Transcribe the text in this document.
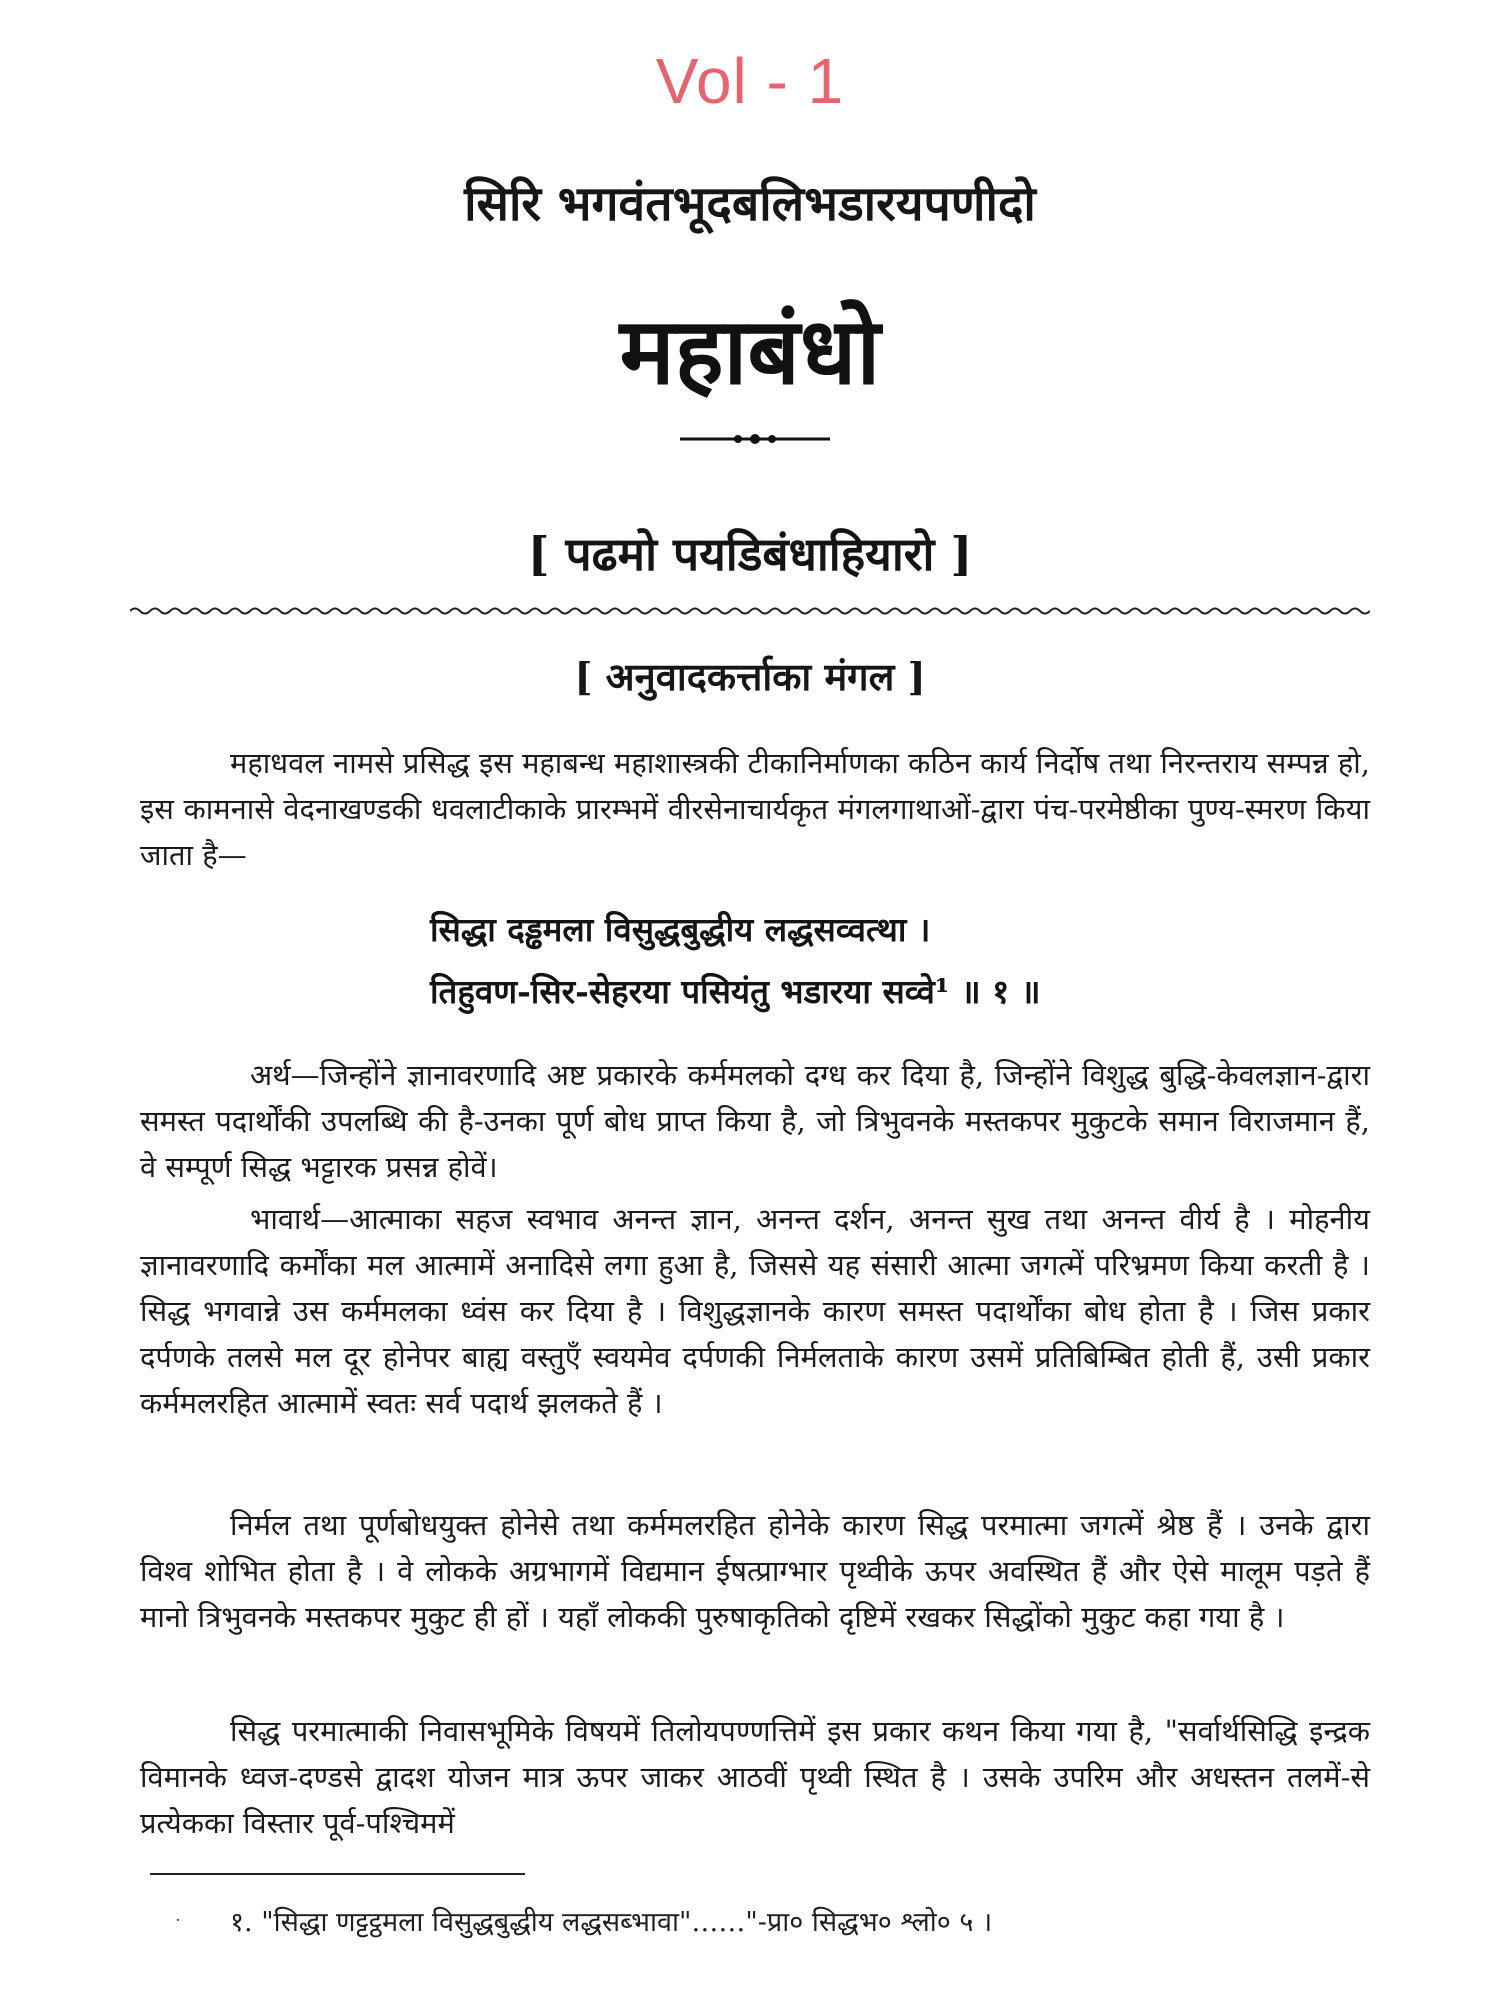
Vol - 1
सिरि भगवंतभूदबलिभडारयपणीदो
महाबंधो
[ पढमो पयडिबंधाहियारो ]
[ अनुवादकर्त्ताका मंगल ]

महाधवल नामसे प्रसिद्ध इस महाबन्ध महाशास्त्रकी टीकानिर्माणका कठिन कार्य निर्दोष तथा निरन्तराय सम्पन्न हो, इस कामनासे वेदनाखण्डकी धवलाटीकाके प्रारम्भमें वीरसेनाचार्यकृत मंगलगाथाओं-द्वारा पंच-परमेष्ठीका पुण्य-स्मरण किया जाता है—

सिद्धा दड्ढमला विसुद्धबुद्धीय लद्धसव्वत्था ।
तिहुवण-सिर-सेहरया पसियंतु भडारया सव्वे¹ ॥ १ ॥

अर्थ—जिन्होंने ज्ञानावरणादि अष्ट प्रकारके कर्ममलको दग्ध कर दिया है, जिन्होंने विशुद्ध बुद्धि-केवलज्ञान-द्वारा समस्त पदार्थोंकी उपलब्धि की है-उनका पूर्ण बोध प्राप्त किया है, जो त्रिभुवनके मस्तकपर मुकुटके समान विराजमान हैं, वे सम्पूर्ण सिद्ध भट्टारक प्रसन्न होवें।

भावार्थ—आत्माका सहज स्वभाव अनन्त ज्ञान, अनन्त दर्शन, अनन्त सुख तथा अनन्त वीर्य है । मोहनीय ज्ञानावरणादि कर्मोंका मल आत्मामें अनादिसे लगा हुआ है, जिससे यह संसारी आत्मा जगत्में परिभ्रमण किया करती है । सिद्ध भगवान्ने उस कर्ममलका ध्वंस कर दिया है । विशुद्धज्ञानके कारण समस्त पदार्थोंका बोध होता है । जिस प्रकार दर्पणके तलसे मल दूर होनेपर बाह्य वस्तुएँ स्वयमेव दर्पणकी निर्मलताके कारण उसमें प्रतिबिम्बित होती हैं, उसी प्रकार कर्ममलरहित आत्मामें स्वतः सर्व पदार्थ झलकते हैं ।

निर्मल तथा पूर्णबोधयुक्त होनेसे तथा कर्ममलरहित होनेके कारण सिद्ध परमात्मा जगत्में श्रेष्ठ हैं । उनके द्वारा विश्व शोभित होता है । वे लोकके अग्रभागमें विद्यमान ईषत्प्राग्भार पृथ्वीके ऊपर अवस्थित हैं और ऐसे मालूम पड़ते हैं मानो त्रिभुवनके मस्तकपर मुकुट ही हों । यहाँ लोककी पुरुषाकृतिको दृष्टिमें रखकर सिद्धोंको मुकुट कहा गया है ।

सिद्ध परमात्माकी निवासभूमिके विषयमें तिलोयपण्णत्तिमें इस प्रकार कथन किया गया है, "सर्वार्थसिद्धि इन्द्रक विमानके ध्वज-दण्डसे द्वादश योजन मात्र ऊपर जाकर आठवीं पृथ्वी स्थित है । उसके उपरिम और अधस्तन तलमें-से प्रत्येकका विस्तार पूर्व-पश्चिममें

· १. "सिद्धा णट्टट्ठमला विसुद्धबुद्धीय लद्धसब्भावा"……"-प्रा० सिद्धभ० श्लो० ५ ।
